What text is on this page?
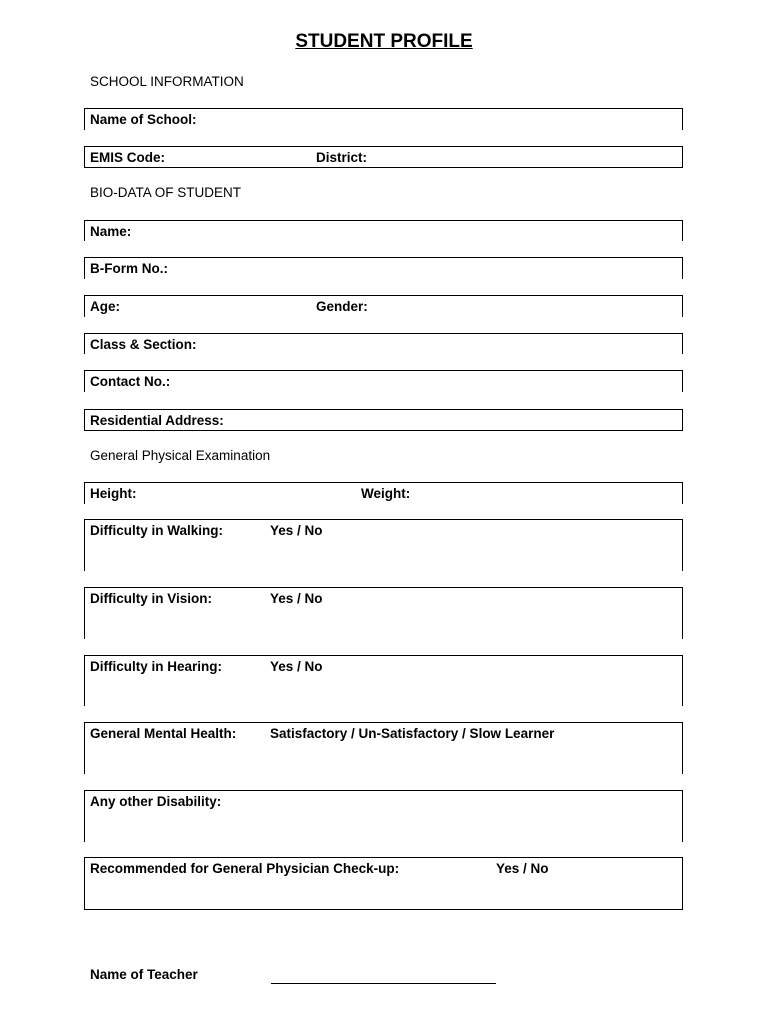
STUDENT PROFILE
SCHOOL INFORMATION
Name of School:
EMIS Code:	District:
BIO-DATA OF STUDENT
Name:
B-Form No.:
Age:	Gender:
Class & Section:
Contact No.:
Residential Address:
General Physical Examination
Height:	Weight:
Difficulty in Walking:	Yes / No
Difficulty in Vision:	Yes / No
Difficulty in Hearing:	Yes / No
General Mental Health: Satisfactory / Un-Satisfactory / Slow Learner
Any other Disability:
Recommended for General Physician Check-up:	Yes / No
Name of Teacher
